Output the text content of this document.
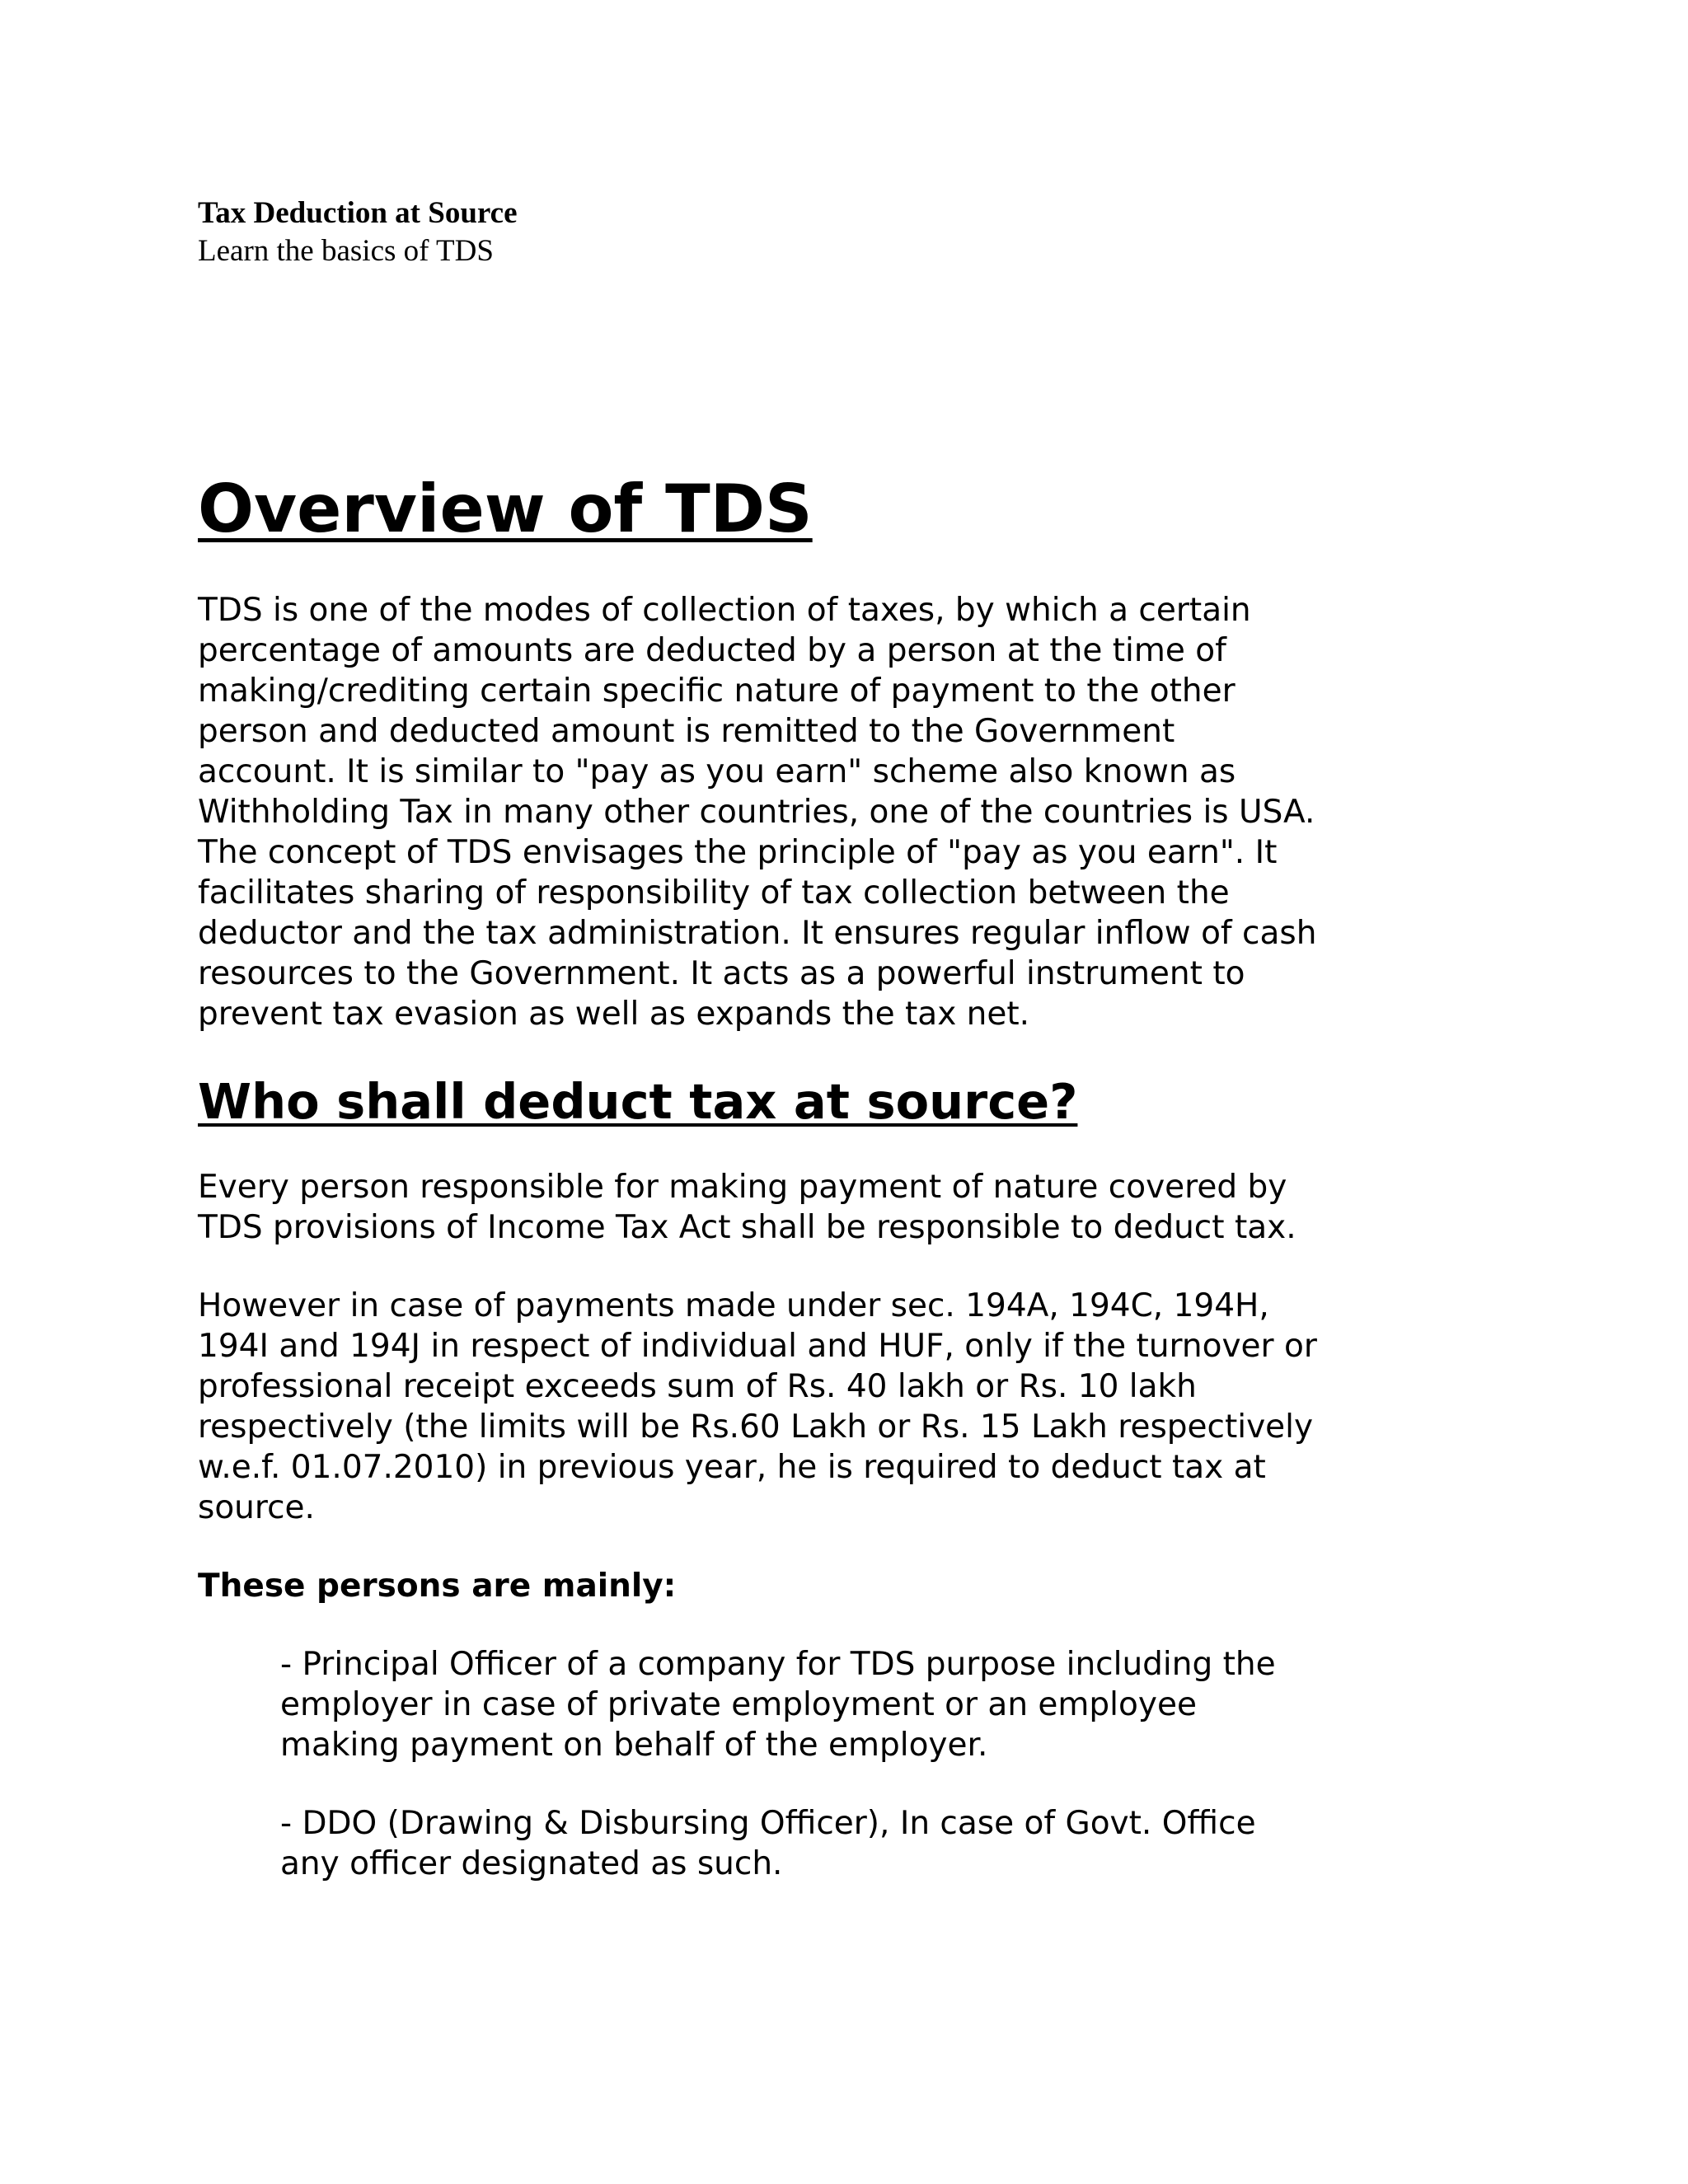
Tax Deduction at Source
Learn the basics of TDS
Overview of TDS

TDS is one of the modes of collection of taxes, by which a certain percentage of amounts are deducted by a person at the time of making/crediting certain specific nature of payment to the other person and deducted amount is remitted to the Government account. It is similar to "pay as you earn" scheme also known as Withholding Tax in many other countries, one of the countries is USA. The concept of TDS envisages the principle of "pay as you earn". It facilitates sharing of responsibility of tax collection between the deductor and the tax administration. It ensures regular inflow of cash resources to the Government. It acts as a powerful instrument to prevent tax evasion as well as expands the tax net.

Who shall deduct tax at source?

Every person responsible for making payment of nature covered by TDS provisions of Income Tax Act shall be responsible to deduct tax.

However in case of payments made under sec. 194A, 194C, 194H, 194I and 194J in respect of individual and HUF, only if the turnover or professional receipt exceeds sum of Rs. 40 lakh or Rs. 10 lakh respectively (the limits will be Rs.60 Lakh or Rs. 15 Lakh respectively w.e.f. 01.07.2010) in previous year, he is required to deduct tax at source.

These persons are mainly:
- Principal Officer of a company for TDS purpose including the employer in case of private employment or an employee making payment on behalf of the employer.
- DDO (Drawing & Disbursing Officer), In case of Govt. Office any officer designated as such.
